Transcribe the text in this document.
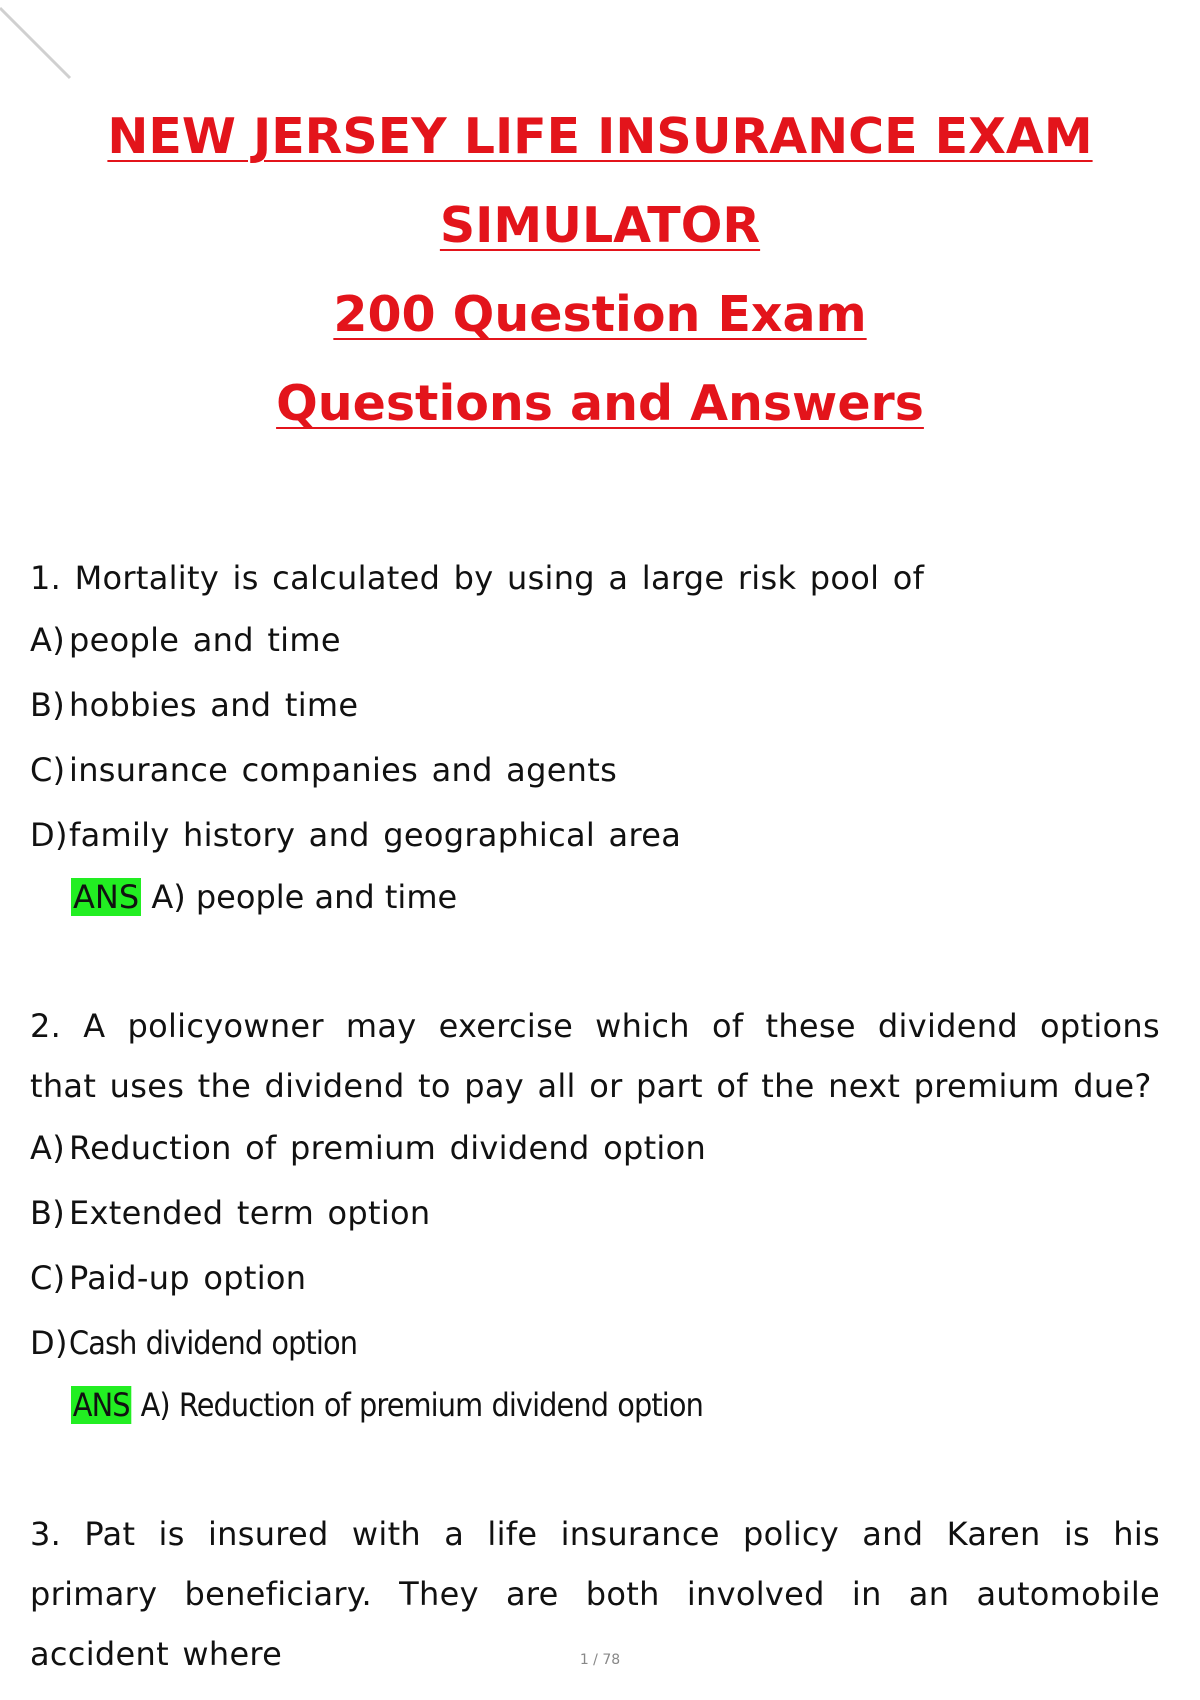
NEW JERSEY LIFE INSURANCE EXAM
SIMULATOR
200 Question Exam
Questions and Answers

1. Mortality is calculated by using a large risk pool of

A) people and time

B) hobbies and time

C) insurance companies and agents

D)family history and geographical area

ANS A) people and time

2. A policyowner may exercise which of these dividend options that uses the dividend to pay all or part of the next premium due?

A) Reduction of premium dividend option

B) Extended term option

C) Paid-up option

D)Cash dividend option

ANS A) Reduction of premium dividend option

3. Pat is insured with a life insurance policy and Karen is his primary beneficiary. They are both involved in an automobile accident where	1 / 78
